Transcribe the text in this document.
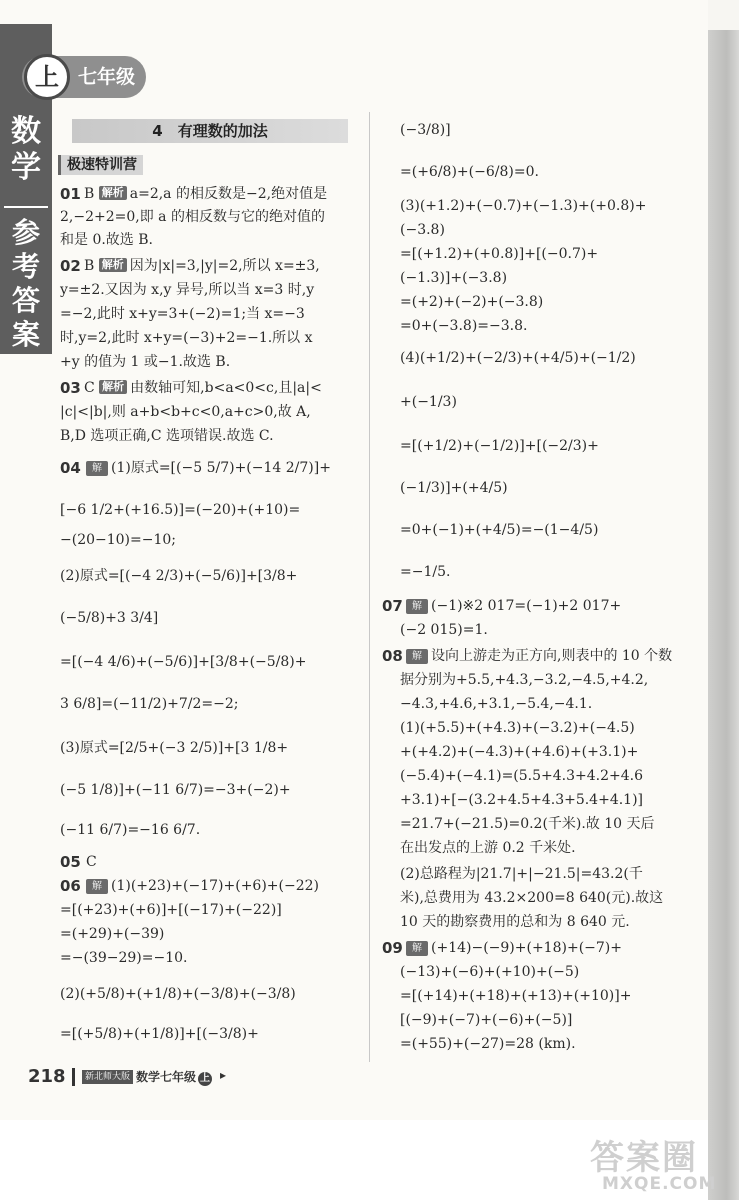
数学
参考答案
上	七年级
4　有理数的加法
极速特训营
01 B 解析 a=2,a 的相反数是−2,绝对值是
2,−2+2=0,即 a 的相反数与它的绝对值的
和是 0.故选 B.
02 B 解析 因为|x|=3,|y|=2,所以 x=±3,
y=±2.又因为 x,y 异号,所以当 x=3 时,y
=−2,此时 x+y=3+(−2)=1;当 x=−3
时,y=2,此时 x+y=(−3)+2=−1.所以 x
+y 的值为 1 或−1.故选 B.
03 C 解析 由数轴可知,b<a<0<c,且|a|<
|c|<|b|,则 a+b<b+c<0,a+c>0,故 A,
B,D 选项正确,C 选项错误.故选 C.
04	解 (1)原式=[(−5 5/7)+(−14 2/7)]+
[−6 1/2+(+16.5)]=(−20)+(+10)=
−(20−10)=−10;
(2)原式=[(−4 2/3)+(−5/6)]+[3/8+
(−5/8)+3 3/4]
=[(−4 4/6)+(−5/6)]+[3/8+(−5/8)+
3 6/8]=(−11/2)+7/2=−2;
(3)原式=[2/5+(−3 2/5)]+[3 1/8+
(−5 1/8)]+(−11 6/7)=−3+(−2)+
(−11 6/7)=−16 6/7.
05 C
06	解 (1)(+23)+(−17)+(+6)+(−22)
=[(+23)+(+6)]+[(−17)+(−22)]
=(+29)+(−39)
=−(39−29)=−10.
(2)(+5/8)+(+1/8)+(−3/8)+(−3/8)
=[(+5/8)+(+1/8)]+[(−3/8)+
(−3/8)]
=(+6/8)+(−6/8)=0.
(3)(+1.2)+(−0.7)+(−1.3)+(+0.8)+
(−3.8)
=[(+1.2)+(+0.8)]+[(−0.7)+
(−1.3)]+(−3.8)
=(+2)+(−2)+(−3.8)
=0+(−3.8)=−3.8.
(4)(+1/2)+(−2/3)+(+4/5)+(−1/2)
+(−1/3)
=[(+1/2)+(−1/2)]+[(−2/3)+
(−1/3)]+(+4/5)
=0+(−1)+(+4/5)=−(1−4/5)
=−1/5.
07 解 (−1)※2 017=(−1)+2 017+
(−2 015)=1.
08 解 设向上游走为正方向,则表中的 10 个数
据分别为+5.5,+4.3,−3.2,−4.5,+4.2,
−4.3,+4.6,+3.1,−5.4,−4.1.
(1)(+5.5)+(+4.3)+(−3.2)+(−4.5)
+(+4.2)+(−4.3)+(+4.6)+(+3.1)+
(−5.4)+(−4.1)=(5.5+4.3+4.2+4.6
+3.1)+[−(3.2+4.5+4.3+5.4+4.1)]
=21.7+(−21.5)=0.2(千米).故 10 天后
在出发点的上游 0.2 千米处.
(2)总路程为|21.7|+|−21.5|=43.2(千
米),总费用为 43.2×200=8 640(元).故这
10 天的勘察费用的总和为 8 640 元.
09 解 (+14)−(−9)+(+18)+(−7)+
(−13)+(−6)+(+10)+(−5)
=[(+14)+(+18)+(+13)+(+10)]+
[(−9)+(−7)+(−6)+(−5)]
=(+55)+(−27)=28 (km).
218	新北师大版 数学七年级 上 ▸
答案圈
MXQE.COM
